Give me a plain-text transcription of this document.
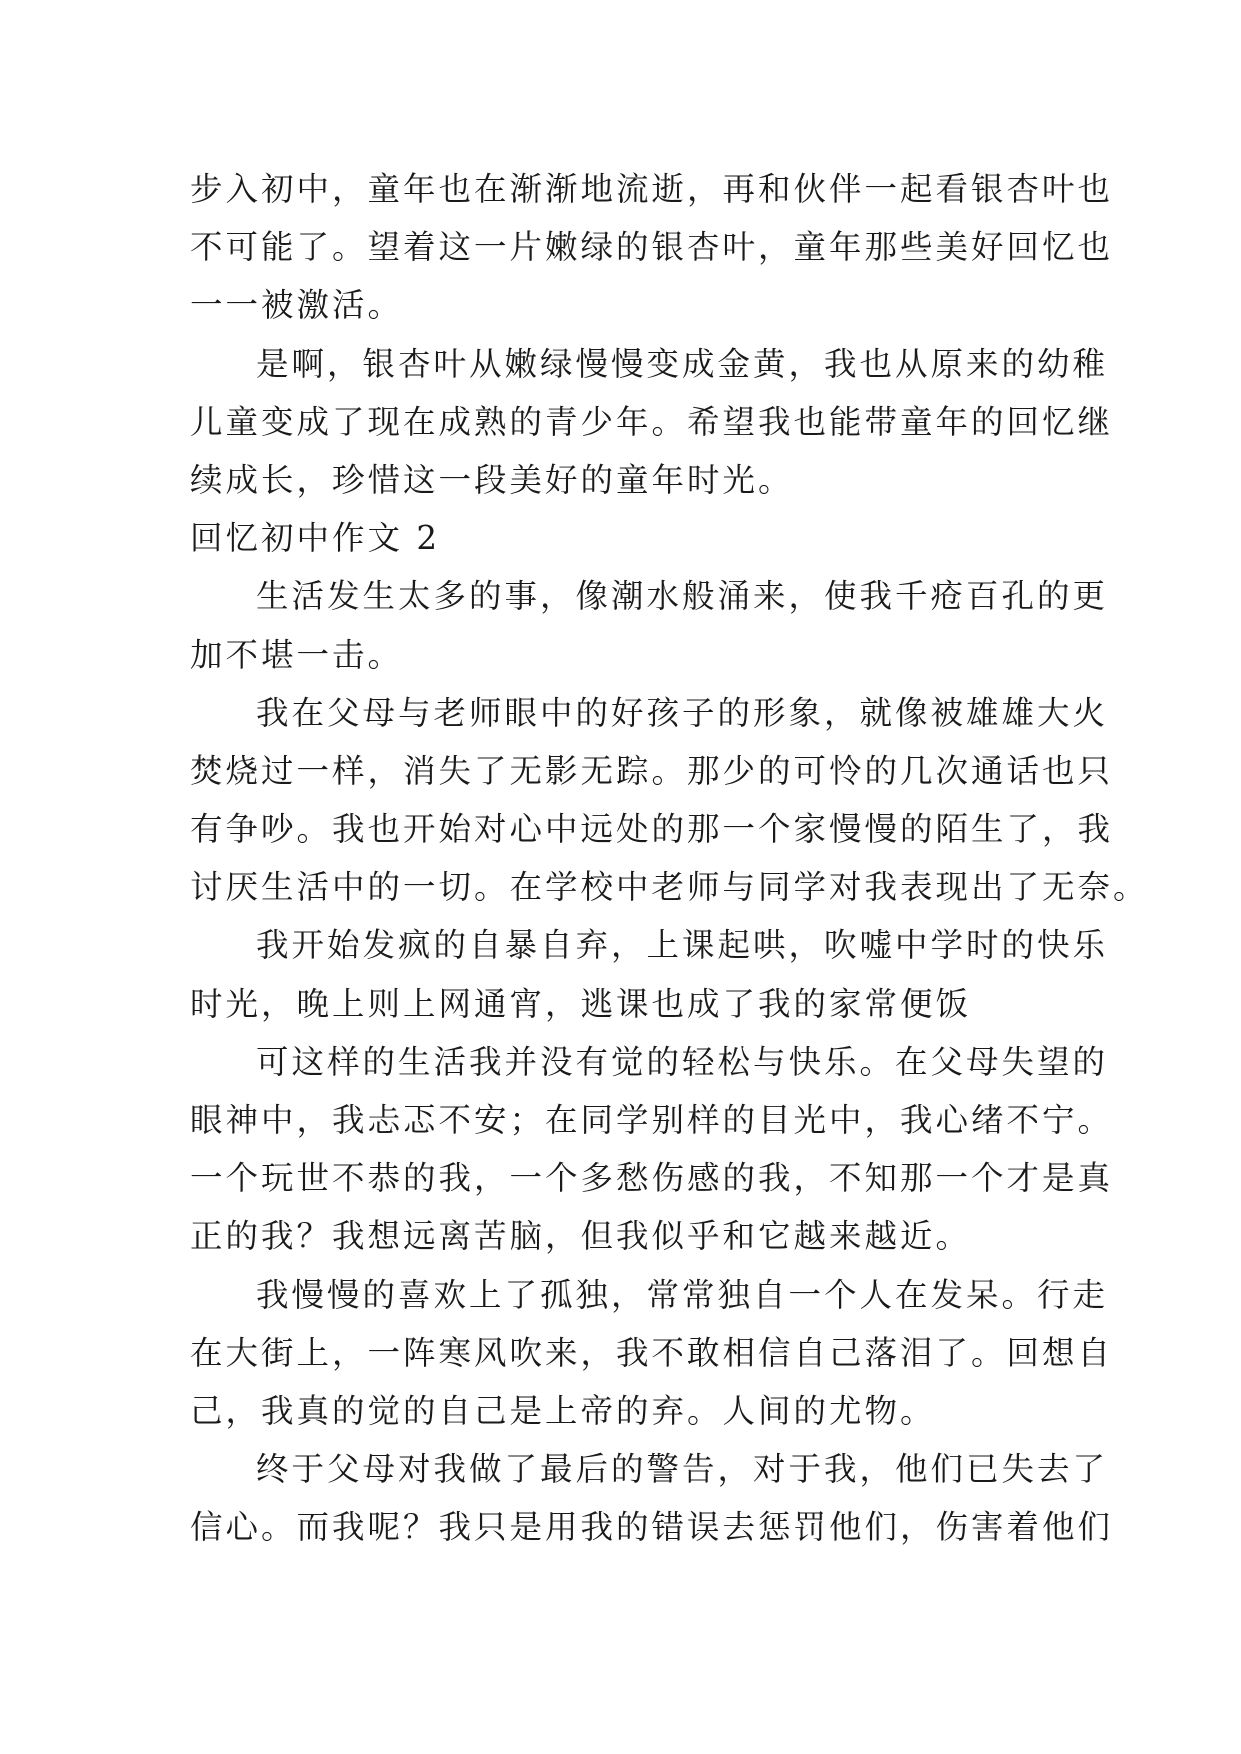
步入初中，童年也在渐渐地流逝，再和伙伴一起看银杏叶也
不可能了。望着这一片嫩绿的银杏叶，童年那些美好回忆也
一一被激活。
是啊，银杏叶从嫩绿慢慢变成金黄，我也从原来的幼稚
儿童变成了现在成熟的青少年。希望我也能带童年的回忆继
续成长，珍惜这一段美好的童年时光。
回忆初中作文 2
生活发生太多的事，像潮水般涌来，使我千疮百孔的更
加不堪一击。
我在父母与老师眼中的好孩子的形象，就像被雄雄大火
焚烧过一样，消失了无影无踪。那少的可怜的几次通话也只
有争吵。我也开始对心中远处的那一个家慢慢的陌生了，我
讨厌生活中的一切。在学校中老师与同学对我表现出了无奈。
我开始发疯的自暴自弃，上课起哄，吹嘘中学时的快乐
时光，晚上则上网通宵，逃课也成了我的家常便饭
可这样的生活我并没有觉的轻松与快乐。在父母失望的
眼神中，我忐忑不安；在同学别样的目光中，我心绪不宁。
一个玩世不恭的我，一个多愁伤感的我，不知那一个才是真
正的我？我想远离苦脑，但我似乎和它越来越近。
我慢慢的喜欢上了孤独，常常独自一个人在发呆。行走
在大街上，一阵寒风吹来，我不敢相信自己落泪了。回想自
己，我真的觉的自己是上帝的弃。人间的尤物。
终于父母对我做了最后的警告，对于我，他们已失去了
信心。而我呢？我只是用我的错误去惩罚他们，伤害着他们
